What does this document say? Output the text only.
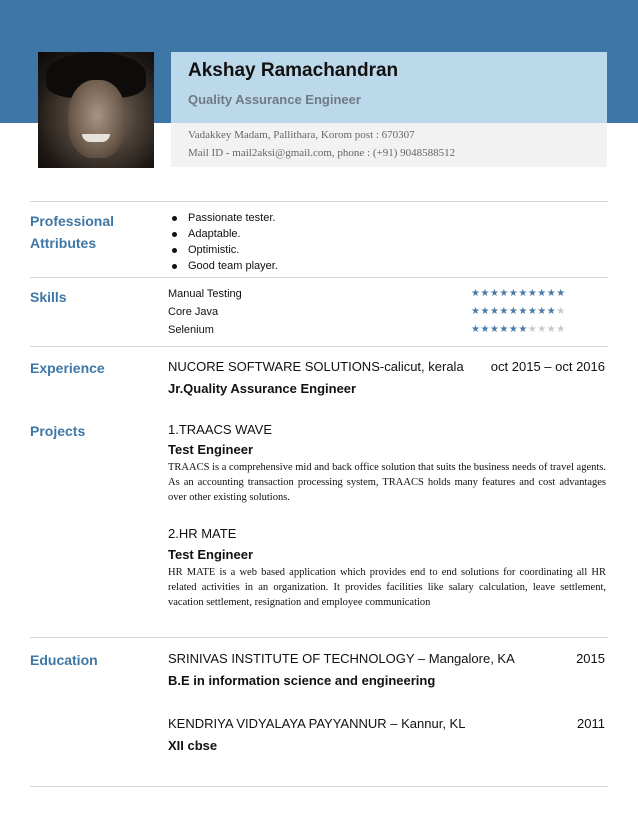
Akshay Ramachandran
Quality Assurance Engineer
Vadakkey Madam, Pallithara, Korom post : 670307
Mail ID - mail2aksi@gmail.com, phone : (+91) 9048588512
Professional Attributes
Passionate tester.
Adaptable.
Optimistic.
Good team player.
Skills	Manual Testing	★★★★★★★★★★
Core Java	★★★★★★★★★★
Selenium	★★★★★★★★★★
Experience	NUCORE SOFTWARE SOLUTIONS-calicut, kerala oct 2015 – oct 2016
Jr.Quality Assurance Engineer
Projects	1.TRAACS WAVE
Test Engineer
TRAACS is a comprehensive mid and back office solution that suits the business needs of travel agents. As an accounting transaction processing system, TRAACS holds many features and cost advantages over other existing solutions.
2.HR MATE
Test Engineer
HR MATE is a web based application which provides end to end solutions for coordinating all HR related activities in an organization. It provides facilities like salary calculation, leave settlement, vacation settlement, resignation and employee communication
Education	SRINIVAS INSTITUTE OF TECHNOLOGY – Mangalore, KA	2015
B.E in information science and engineering
KENDRIYA VIDYALAYA PAYYANNUR – Kannur, KL	2011
XII cbse
